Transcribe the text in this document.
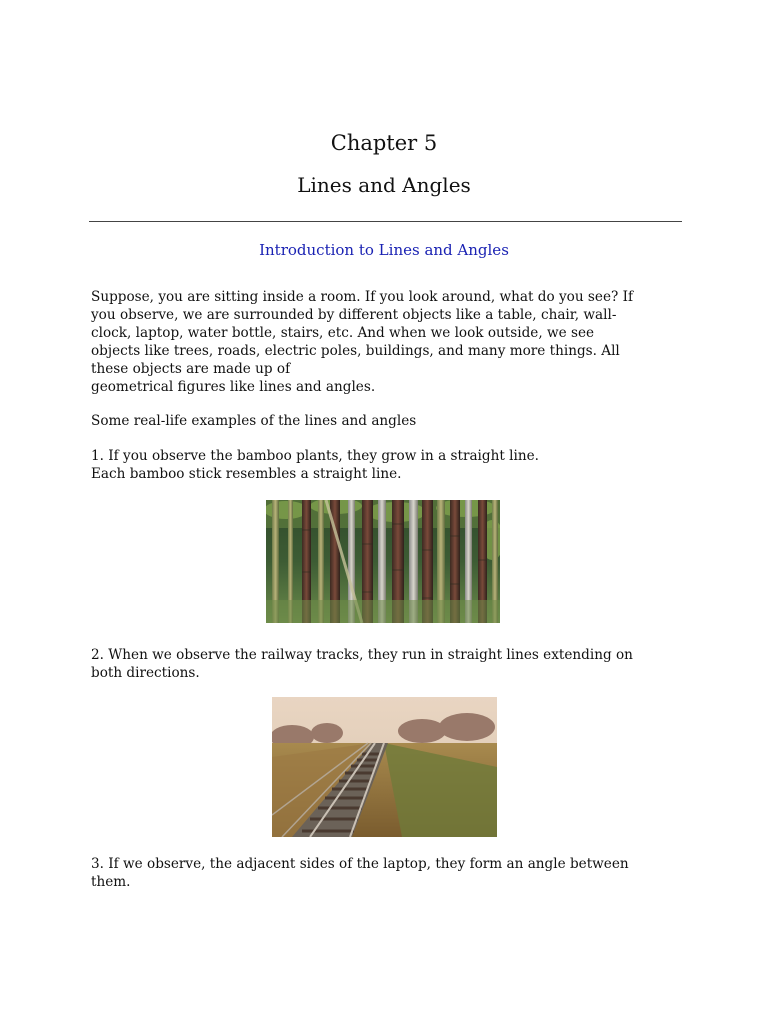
Chapter 5
Lines and Angles
Introduction to Lines and Angles

Suppose, you are sitting inside a room. If you look around, what do you see? If
you observe, we are surrounded by different objects like a table, chair, wall-
clock, laptop, water bottle, stairs, etc. And when we look outside, we see
objects like trees, roads, electric poles, buildings, and many more things. All
these objects are made up of
geometrical figures like lines and angles.

Some real-life examples of the lines and angles

1. If you observe the bamboo plants, they grow in a straight line.
Each bamboo stick resembles a straight line.

2. When we observe the railway tracks, they run in straight lines extending on
both directions.

3. If we observe, the adjacent sides of the laptop, they form an angle between
them.
